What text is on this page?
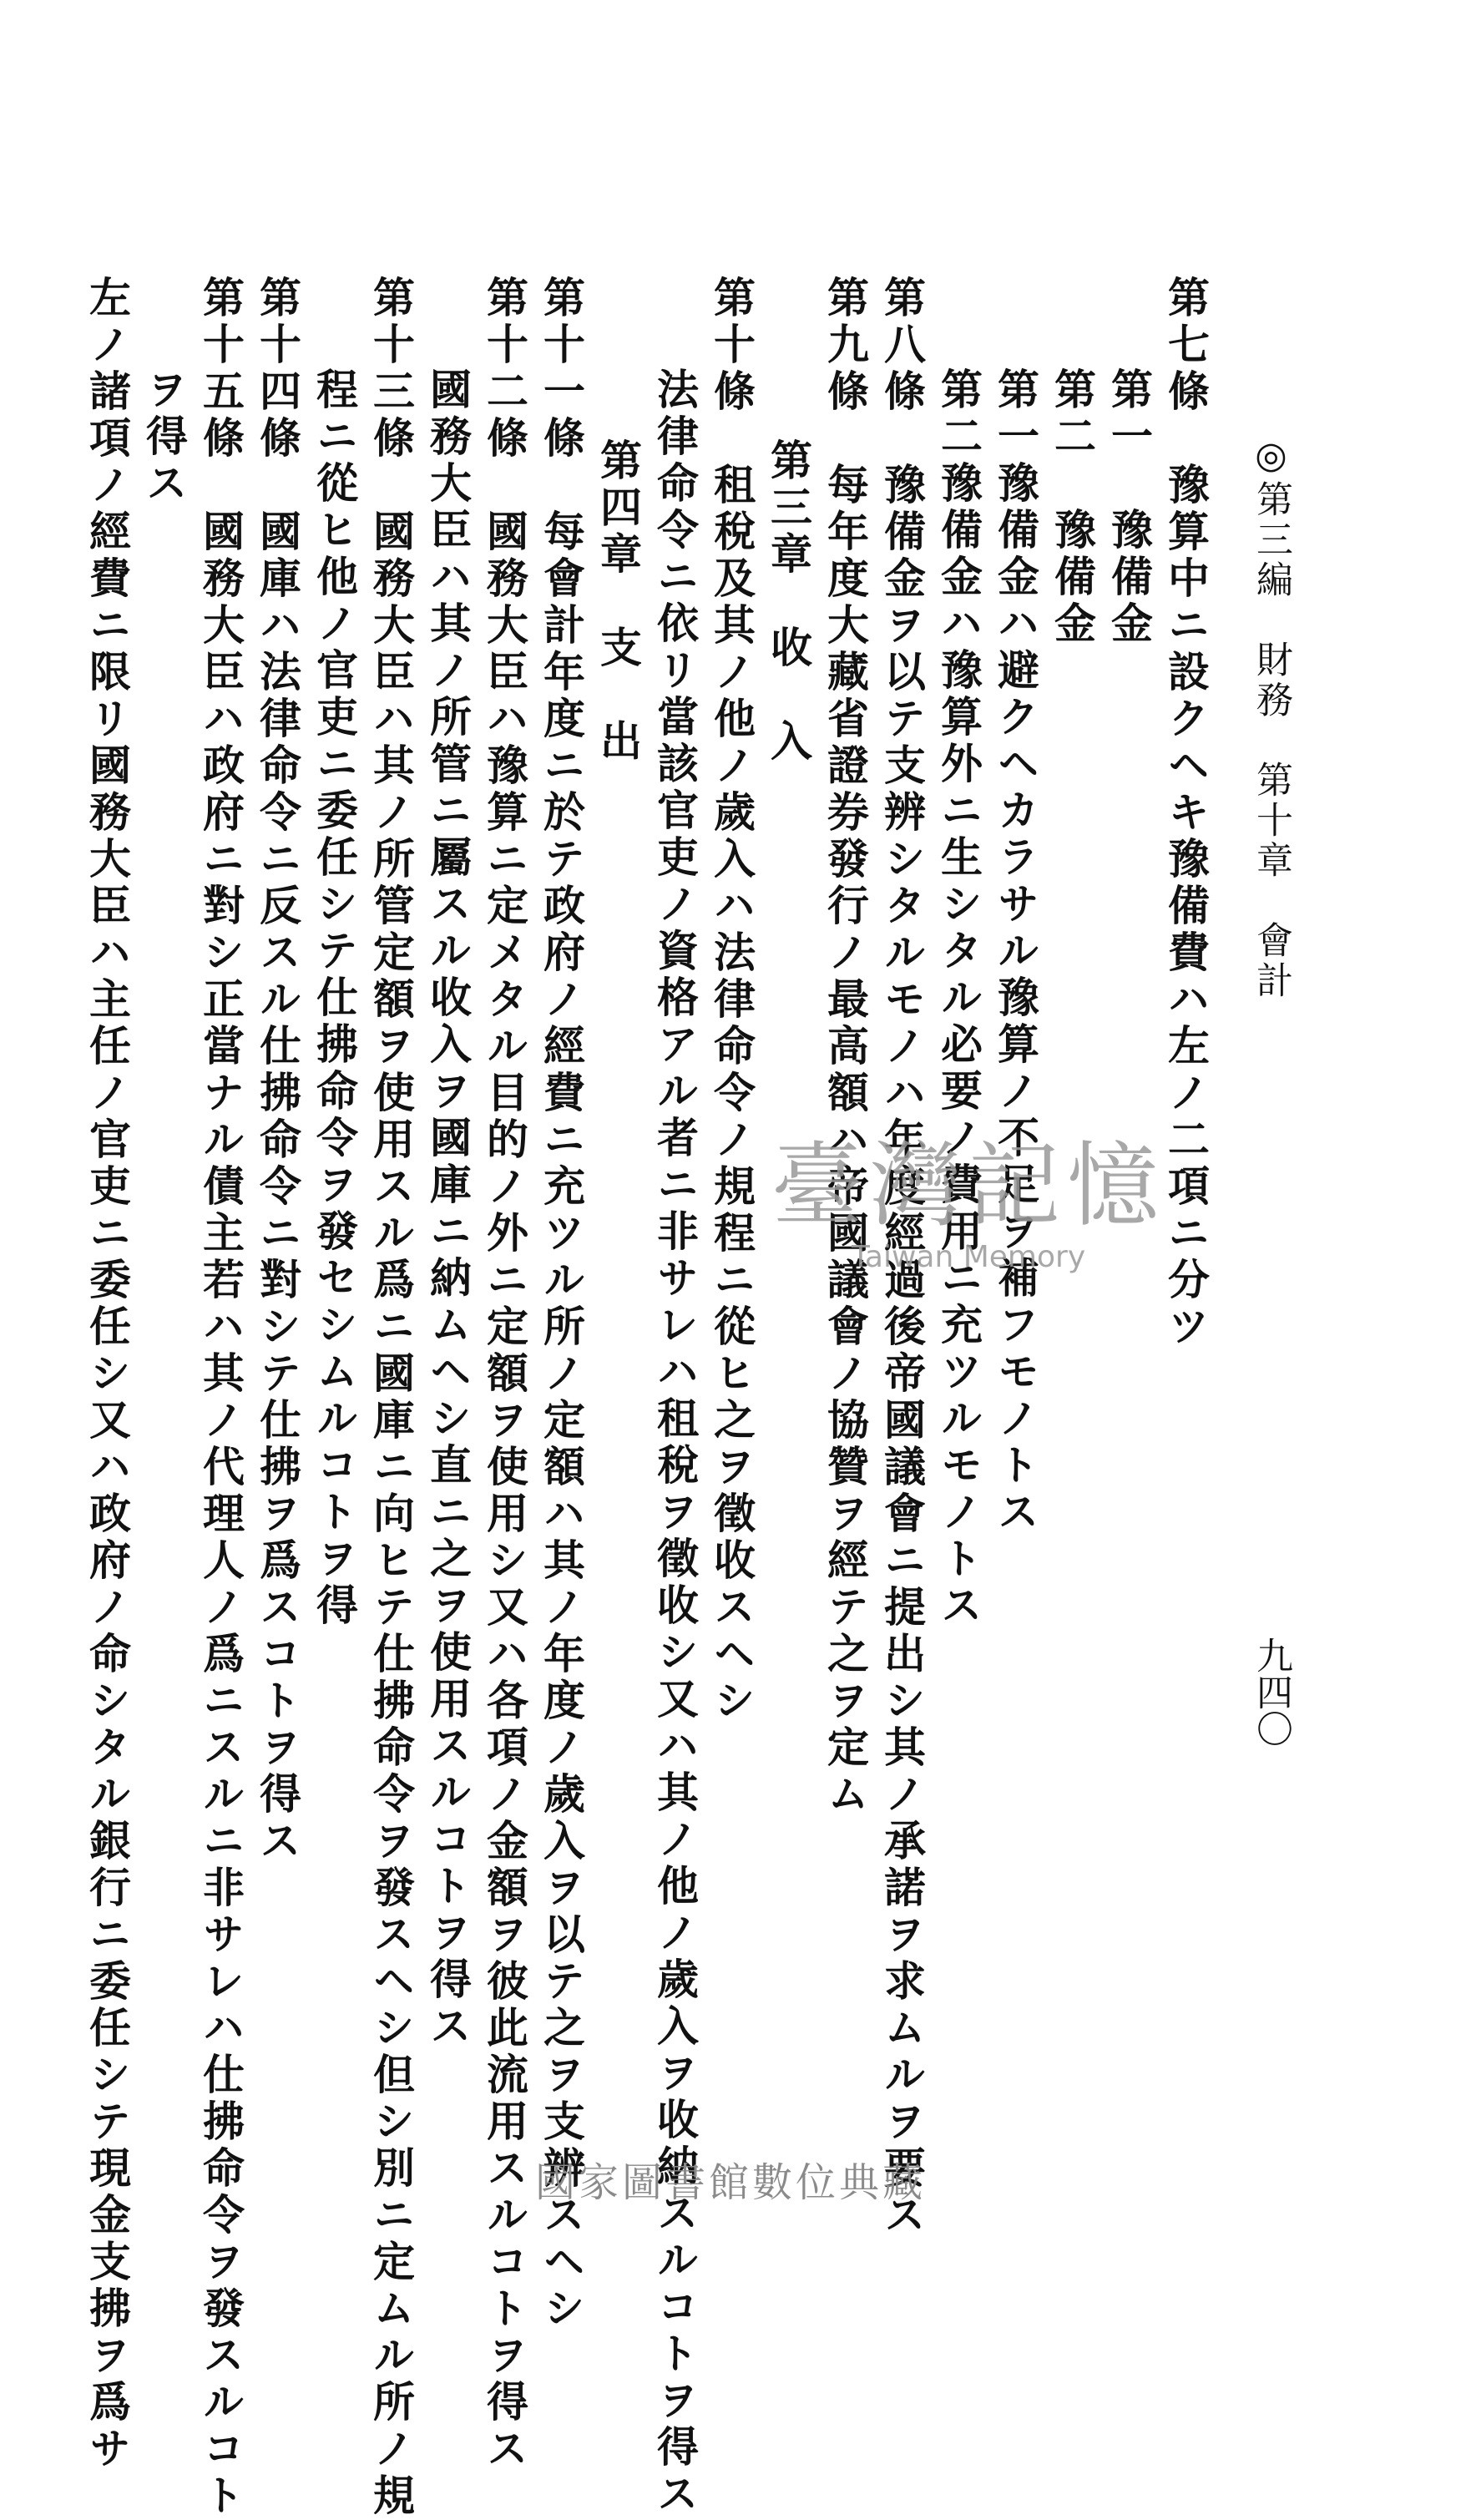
◎第三編　財務　第十章　會計
九四〇
第七條　豫算中ニ設クヘキ豫備費ハ左ノ二項ニ分ツ
第一　豫備金
第二　豫備金
第一豫備金ハ避クヘカラサル豫算ノ不足ヲ補フモノトス
第二豫備金ハ豫算外ニ生シタル必要ノ費用ニ充ツルモノトス
第八條　豫備金ヲ以テ支辨シタルモノハ年度經過後帝國議會ニ提出シ其ノ承諾ヲ求ムルヲ要ス
第九條　每年度大藏省證券發行ノ最高額ハ帝國議會ノ協贊ヲ經テ之ヲ定ム
第三章　收　入
第十條　租稅及其ノ他ノ歲入ハ法律命令ノ規程ニ從ヒ之ヲ徵收スヘシ
法律命令ニ依リ當該官吏ノ資格アル者ニ非サレハ租稅ヲ徵收シ又ハ其ノ他ノ歲入ヲ收納スルコトヲ得ス
第四章　支　出
第十一條　每會計年度ニ於テ政府ノ經費ニ充ツル所ノ定額ハ其ノ年度ノ歲入ヲ以テ之ヲ支辨スヘシ
第十二條　國務大臣ハ豫算ニ定メタル目的ノ外ニ定額ヲ使用シ又ハ各項ノ金額ヲ彼此流用スルコトヲ得ス
國務大臣ハ其ノ所管ニ屬スル收入ヲ國庫ニ納ムヘシ直ニ之ヲ使用スルコトヲ得ス
第十三條　國務大臣ハ其ノ所管定額ヲ使用スル爲ニ國庫ニ向ヒテ仕拂命令ヲ發スヘシ但シ別ニ定ムル所ノ規
程ニ從ヒ他ノ官吏ニ委任シテ仕拂命令ヲ發セシムルコトヲ得
第十四條　國庫ハ法律命令ニ反スル仕拂命令ニ對シテ仕拂ヲ爲スコトヲ得ス
第十五條　國務大臣ハ政府ニ對シ正當ナル債主若ハ其ノ代理人ノ爲ニスルニ非サレハ仕拂命令ヲ發スルコト
ヲ得ス
左ノ諸項ノ經費ニ限リ國務大臣ハ主任ノ官吏ニ委任シ又ハ政府ノ命シタル銀行ニ委任シテ現金支拂ヲ爲サ	臺灣記憶
Taiwan Memory
國家圖書館數位典藏
